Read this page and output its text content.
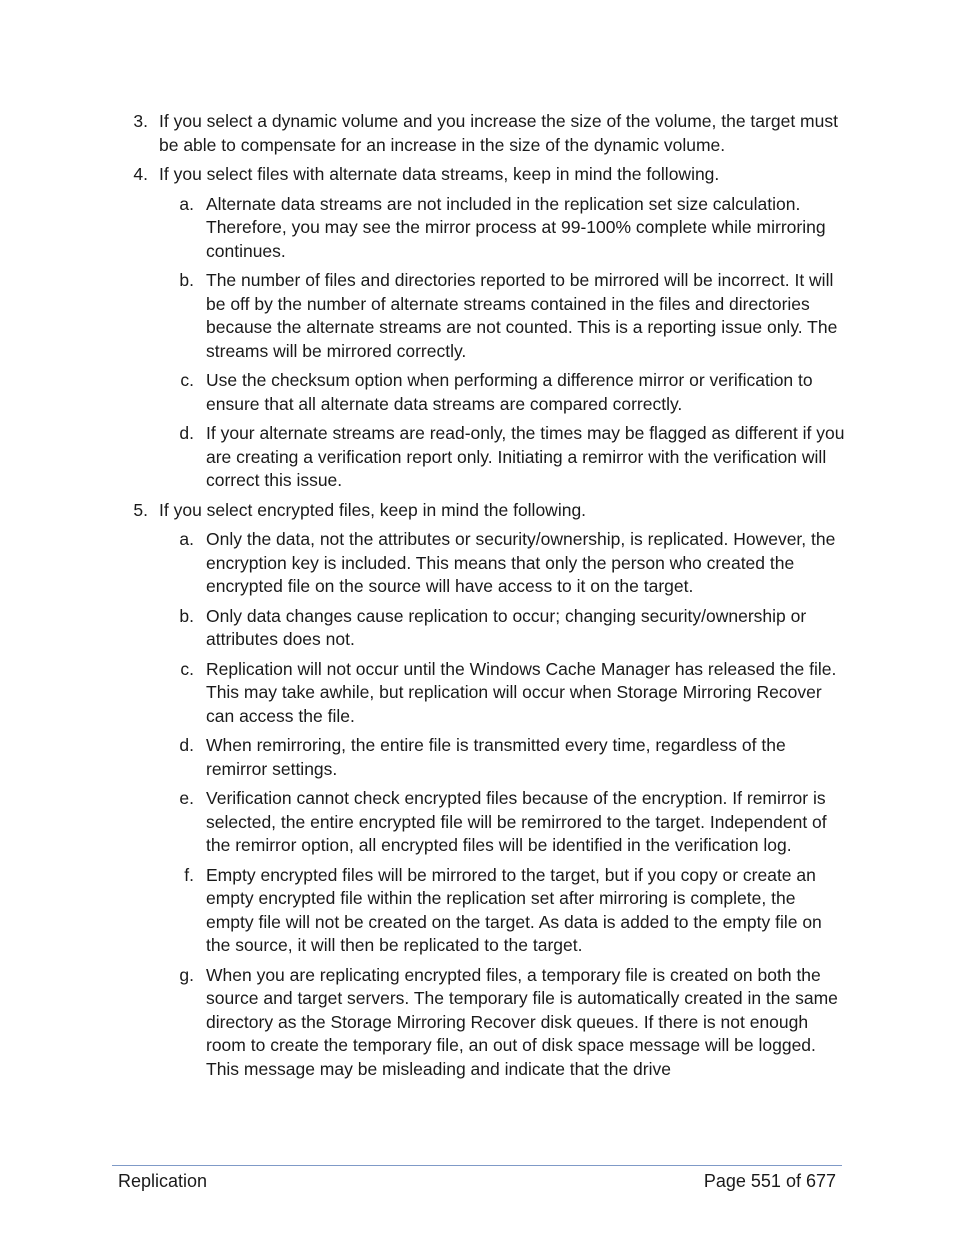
3. If you select a dynamic volume and you increase the size of the volume, the target must be able to compensate for an increase in the size of the dynamic volume.
4. If you select files with alternate data streams, keep in mind the following.
a. Alternate data streams are not included in the replication set size calculation. Therefore, you may see the mirror process at 99-100% complete while mirroring continues.
b. The number of files and directories reported to be mirrored will be incorrect. It will be off by the number of alternate streams contained in the files and directories because the alternate streams are not counted. This is a reporting issue only. The streams will be mirrored correctly.
c. Use the checksum option when performing a difference mirror or verification to ensure that all alternate data streams are compared correctly.
d. If your alternate streams are read-only, the times may be flagged as different if you are creating a verification report only. Initiating a remirror with the verification will correct this issue.
5. If you select encrypted files, keep in mind the following.
a. Only the data, not the attributes or security/ownership, is replicated. However, the encryption key is included. This means that only the person who created the encrypted file on the source will have access to it on the target.
b. Only data changes cause replication to occur; changing security/ownership or attributes does not.
c. Replication will not occur until the Windows Cache Manager has released the file. This may take awhile, but replication will occur when Storage Mirroring Recover can access the file.
d. When remirroring, the entire file is transmitted every time, regardless of the remirror settings.
e. Verification cannot check encrypted files because of the encryption. If remirror is selected, the entire encrypted file will be remirrored to the target. Independent of the remirror option, all encrypted files will be identified in the verification log.
f. Empty encrypted files will be mirrored to the target, but if you copy or create an empty encrypted file within the replication set after mirroring is complete, the empty file will not be created on the target. As data is added to the empty file on the source, it will then be replicated to the target.
g. When you are replicating encrypted files, a temporary file is created on both the source and target servers. The temporary file is automatically created in the same directory as the Storage Mirroring Recover disk queues. If there is not enough room to create the temporary file, an out of disk space message will be logged. This message may be misleading and indicate that the drive
Replication	Page 551 of 677
